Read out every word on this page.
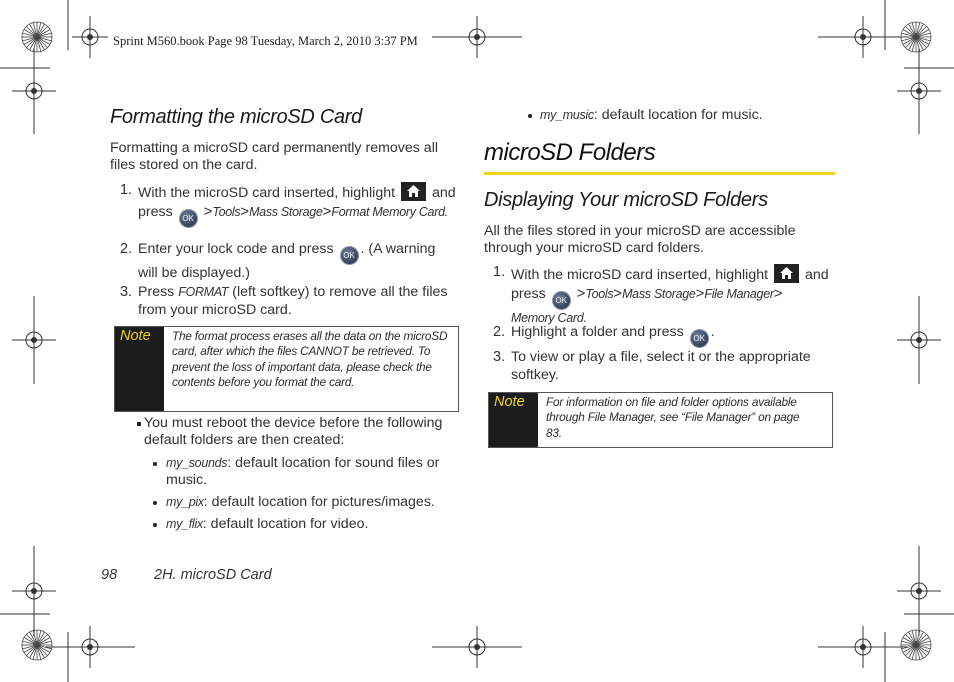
Sprint M560.book Page 98 Tuesday, March 2, 2010 3:37 PM
Formatting the microSD Card
Formatting a microSD card permanently removes all files stored on the card.
1. With the microSD card inserted, highlight	and
press OK >Tools>Mass Storage>Format Memory Card.
2. Enter your lock code and press OK . (A warning will be displayed.)
3. Press FORMAT (left softkey) to remove all the files from your microSD card.
Note The format process erases all the data on the microSD card, after which the files CANNOT be retrieved. To prevent the loss of important data, please check the contents before you format the card.
You must reboot the device before the following default folders are then created:
my_sounds: default location for sound files or music.
my_pix: default location for pictures/images.
my_flix: default location for video.
my_music: default location for music.
microSD Folders
Displaying Your microSD Folders
All the files stored in your microSD are accessible through your microSD card folders.
1. With the microSD card inserted, highlight	and
press OK >Tools>Mass Storage>File Manager>
Memory Card.
2. Highlight a folder and press OK .
3. To view or play a file, select it or the appropriate softkey.
Note For information on file and folder options available through File Manager, see “File Manager” on page 83.
98	2H. microSD Card
